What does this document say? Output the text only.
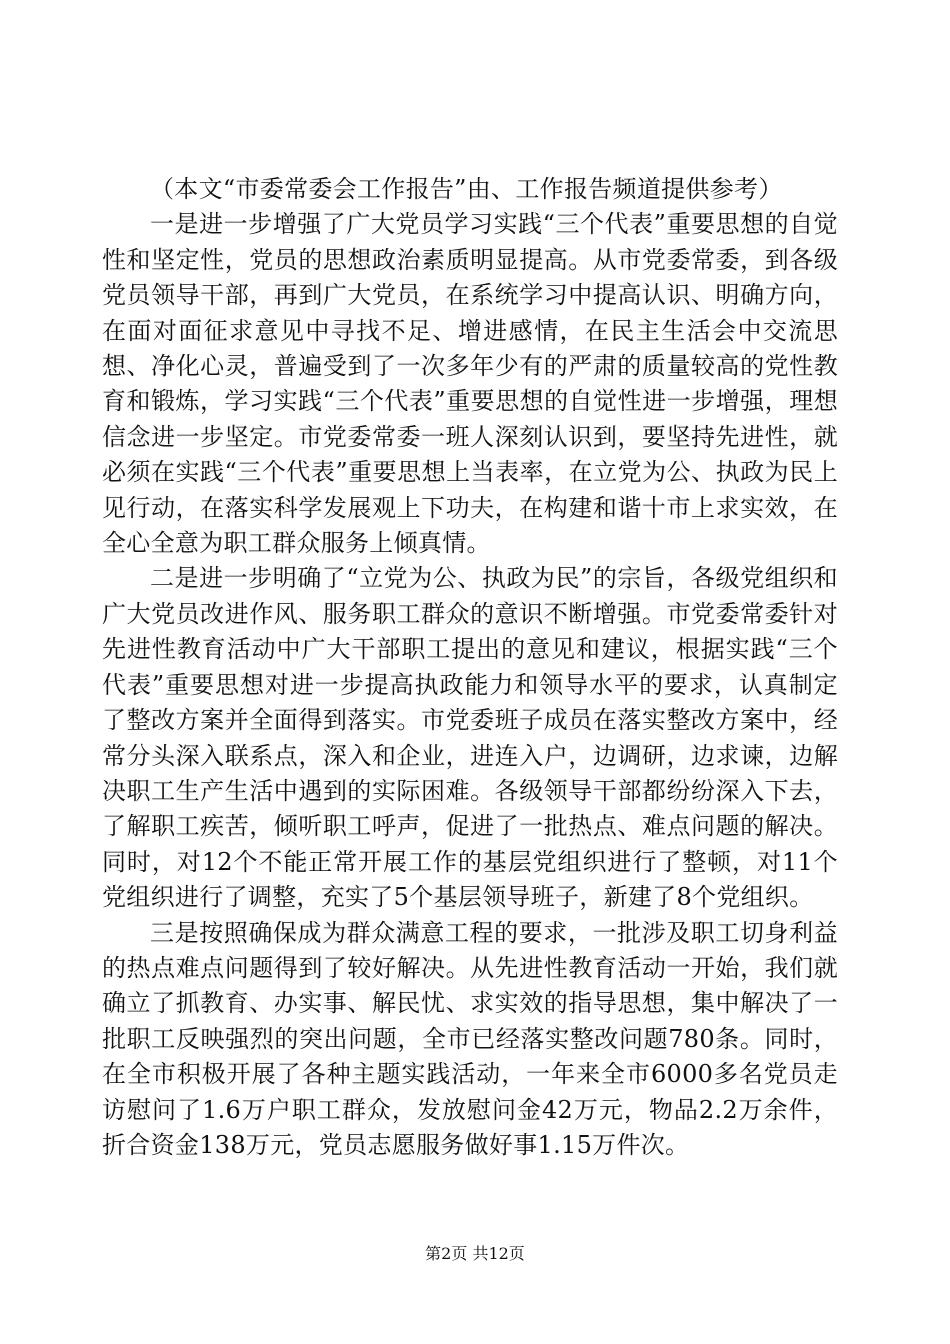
（本文“市委常委会工作报告”由、工作报告频道提供参考）

一是进一步增强了广大党员学习实践“三个代表”重要思想的自觉性和坚定性，党员的思想政治素质明显提高。从市党委常委，到各级党员领导干部，再到广大党员，在系统学习中提高认识、明确方向，在面对面征求意见中寻找不足、增进感情，在民主生活会中交流思想、净化心灵，普遍受到了一次多年少有的严肃的质量较高的党性教育和锻炼，学习实践“三个代表”重要思想的自觉性进一步增强，理想信念进一步坚定。市党委常委一班人深刻认识到，要坚持先进性，就必须在实践“三个代表”重要思想上当表率，在立党为公、执政为民上见行动，在落实科学发展观上下功夫，在构建和谐十市上求实效，在全心全意为职工群众服务上倾真情。

二是进一步明确了“立党为公、执政为民”的宗旨，各级党组织和广大党员改进作风、服务职工群众的意识不断增强。市党委常委针对先进性教育活动中广大干部职工提出的意见和建议，根据实践“三个代表”重要思想对进一步提高执政能力和领导水平的要求，认真制定了整改方案并全面得到落实。市党委班子成员在落实整改方案中，经常分头深入联系点，深入和企业，进连入户，边调研，边求谏，边解决职工生产生活中遇到的实际困难。各级领导干部都纷纷深入下去，了解职工疾苦，倾听职工呼声，促进了一批热点、难点问题的解决。同时，对12个不能正常开展工作的基层党组织进行了整顿，对11个党组织进行了调整，充实了5个基层领导班子，新建了8个党组织。

三是按照确保成为群众满意工程的要求，一批涉及职工切身利益的热点难点问题得到了较好解决。从先进性教育活动一开始，我们就确立了抓教育、办实事、解民忧、求实效的指导思想，集中解决了一批职工反映强烈的突出问题，全市已经落实整改问题780条。同时，在全市积极开展了各种主题实践活动，一年来全市6000多名党员走访慰问了1.6万户职工群众，发放慰问金42万元，物品2.2万余件，折合资金138万元，党员志愿服务做好事1.15万件次。

第2页 共12页
